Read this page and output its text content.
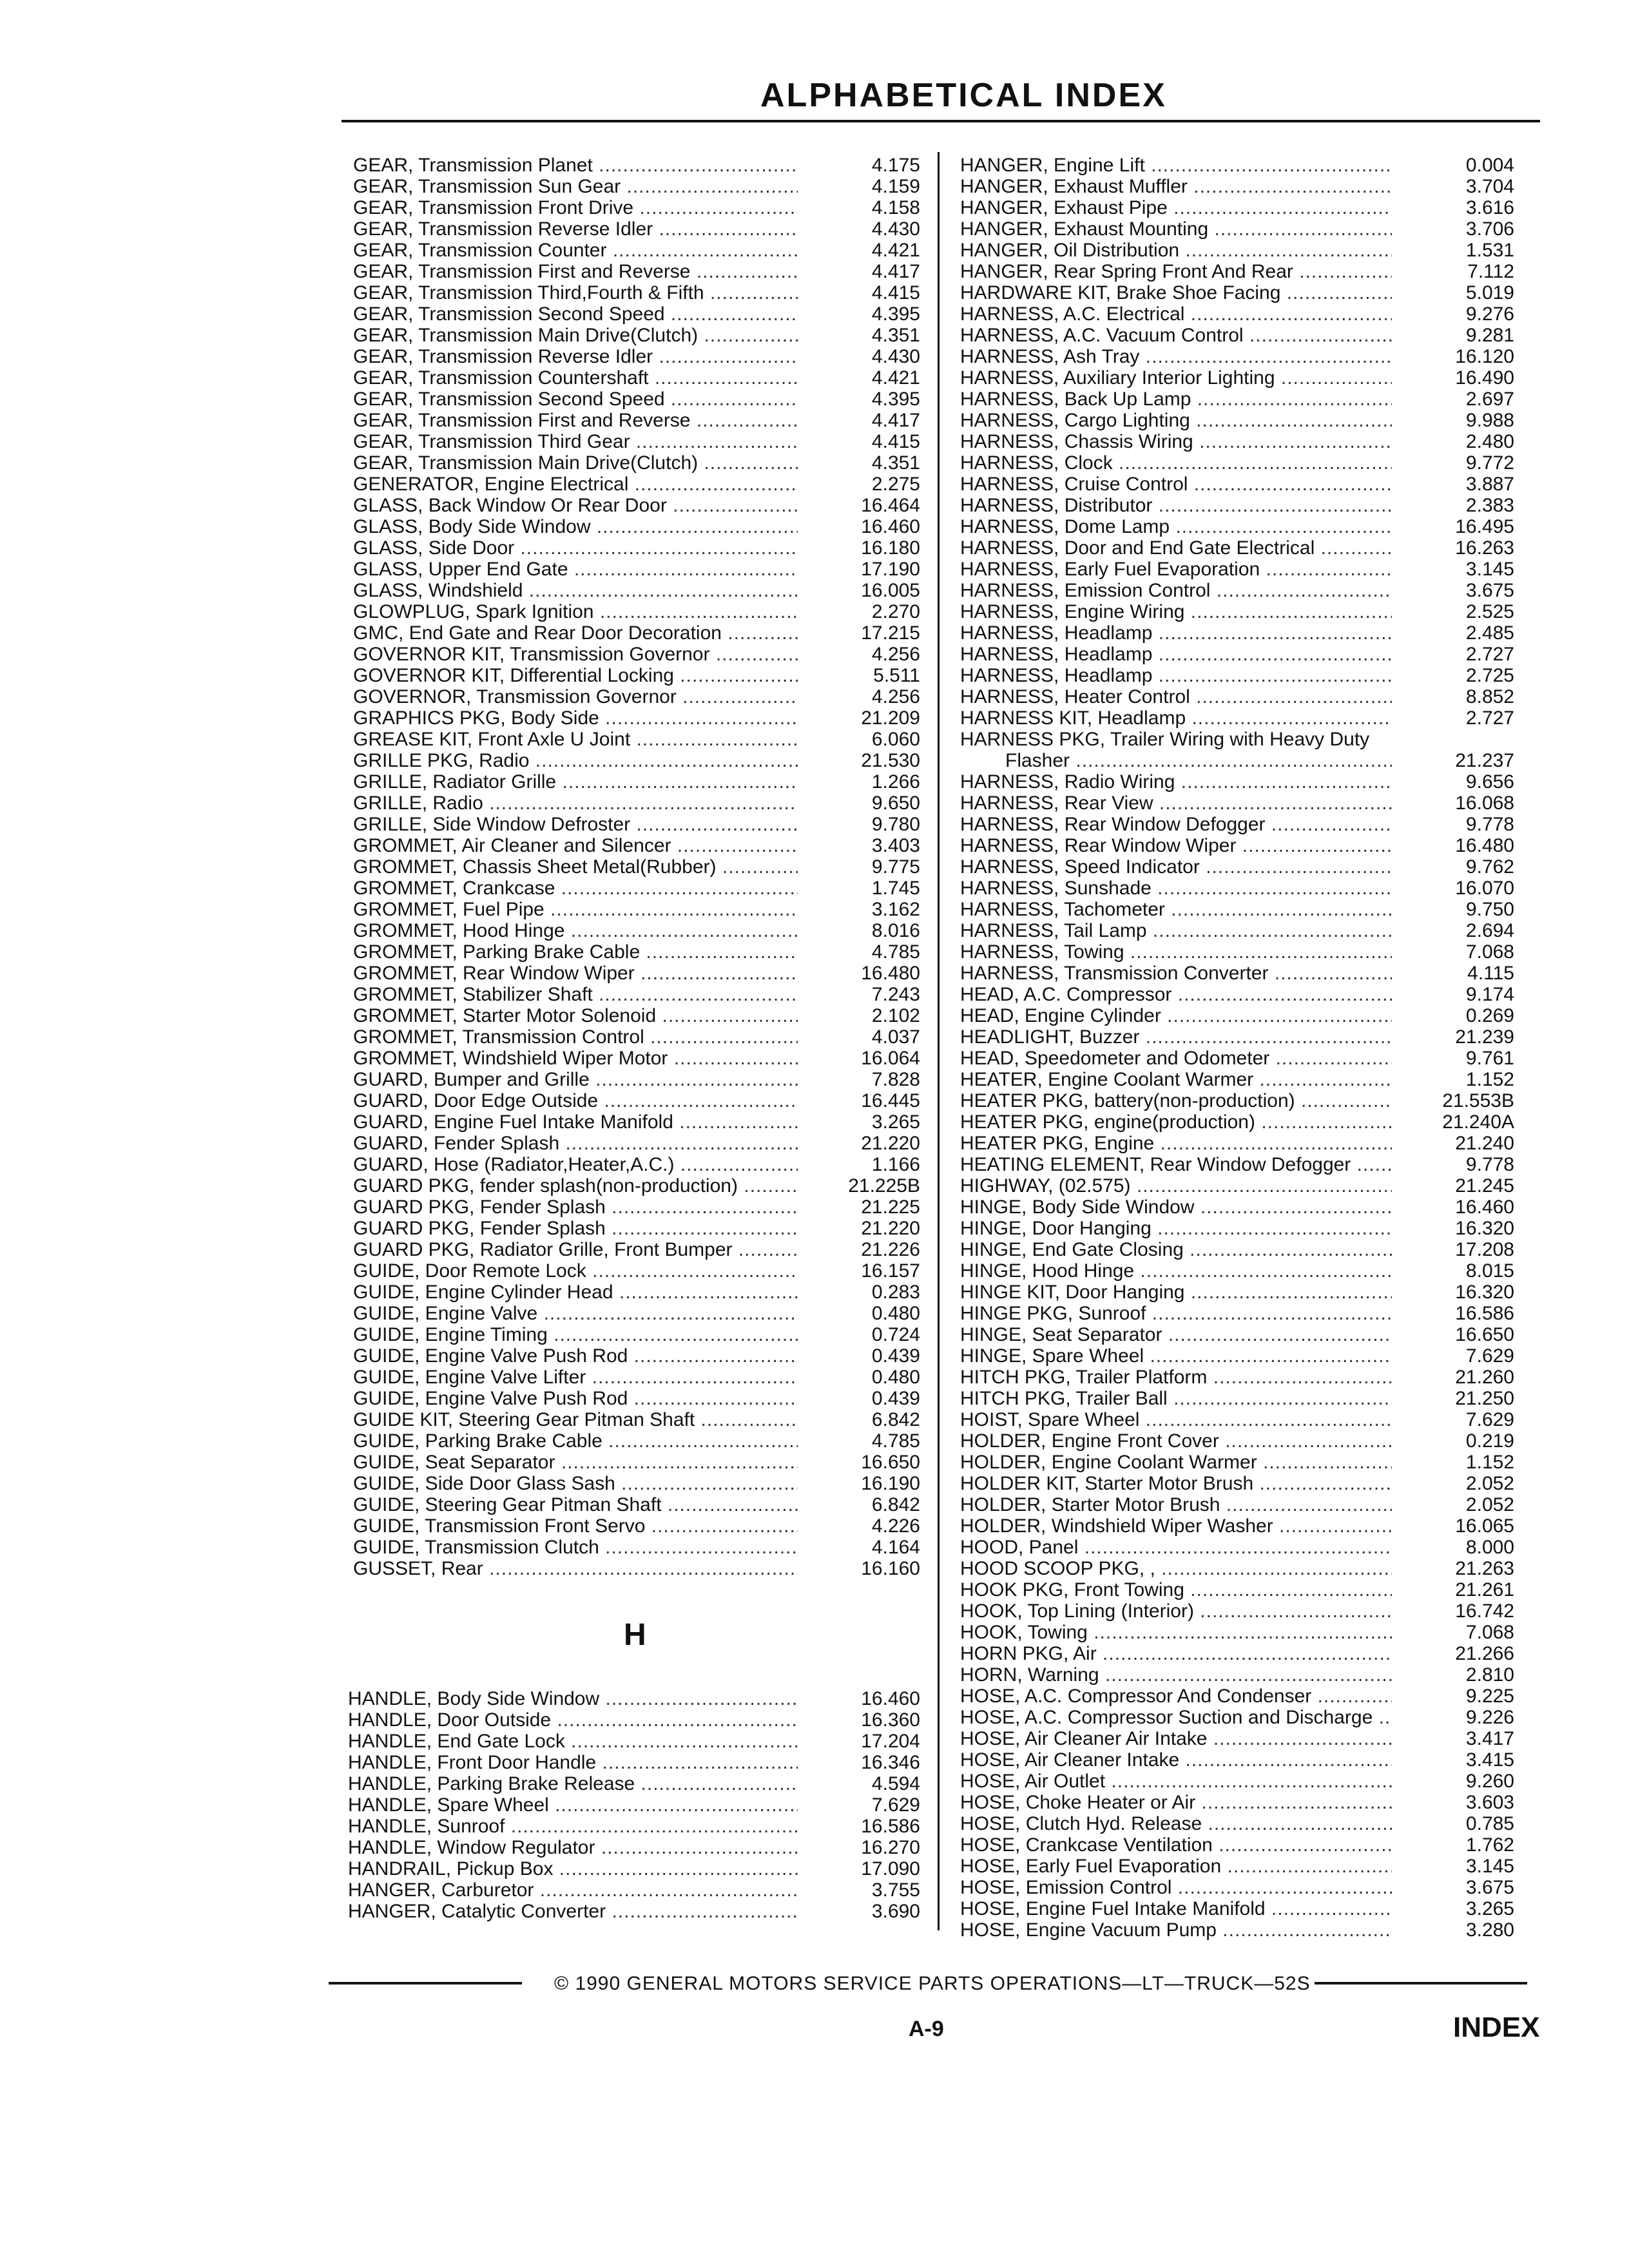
ALPHABETICAL INDEX
GEAR, Transmission Planet .....	4.175
GEAR, Transmission Sun Gear .....	4.159
GEAR, Transmission Front Drive .....	4.158
GEAR, Transmission Reverse Idler .....	4.430
GEAR, Transmission Counter .....	4.421
GEAR, Transmission First and Reverse .....	4.417
GEAR, Transmission Third,Fourth & Fifth .....	4.415
GEAR, Transmission Second Speed .....	4.395
GEAR, Transmission Main Drive(Clutch) .....	4.351
GEAR, Transmission Reverse Idler .....	4.430
GEAR, Transmission Countershaft .....	4.421
GEAR, Transmission Second Speed .....	4.395
GEAR, Transmission First and Reverse .....	4.417
GEAR, Transmission Third Gear .....	4.415
GEAR, Transmission Main Drive(Clutch) .....	4.351
GENERATOR, Engine Electrical .....	2.275
GLASS, Back Window Or Rear Door .....	16.464
GLASS, Body Side Window .....	16.460
GLASS, Side Door .....	16.180
GLASS, Upper End Gate .....	17.190
GLASS, Windshield .....	16.005
GLOWPLUG, Spark Ignition .....	2.270
GMC, End Gate and Rear Door Decoration .....	17.215
GOVERNOR KIT, Transmission Governor .....	4.256
GOVERNOR KIT, Differential Locking .....	5.511
GOVERNOR, Transmission Governor .....	4.256
GRAPHICS PKG, Body Side .....	21.209
GREASE KIT, Front Axle U Joint .....	6.060
GRILLE PKG, Radio .....	21.530
GRILLE, Radiator Grille .....	1.266
GRILLE, Radio .....	9.650
GRILLE, Side Window Defroster .....	9.780
GROMMET, Air Cleaner and Silencer .....	3.403
GROMMET, Chassis Sheet Metal(Rubber) .....	9.775
GROMMET, Crankcase .....	1.745
GROMMET, Fuel Pipe .....	3.162
GROMMET, Hood Hinge .....	8.016
GROMMET, Parking Brake Cable .....	4.785
GROMMET, Rear Window Wiper .....	16.480
GROMMET, Stabilizer Shaft .....	7.243
GROMMET, Starter Motor Solenoid .....	2.102
GROMMET, Transmission Control .....	4.037
GROMMET, Windshield Wiper Motor .....	16.064
GUARD, Bumper and Grille .....	7.828
GUARD, Door Edge Outside .....	16.445
GUARD, Engine Fuel Intake Manifold .....	3.265
GUARD, Fender Splash .....	21.220
GUARD, Hose (Radiator,Heater,A.C.) .....	1.166
GUARD PKG, fender splash(non-production) .....	21.225B
GUARD PKG, Fender Splash .....	21.225
GUARD PKG, Fender Splash .....	21.220
GUARD PKG, Radiator Grille, Front Bumper .....	21.226
GUIDE, Door Remote Lock .....	16.157
GUIDE, Engine Cylinder Head .....	0.283
GUIDE, Engine Valve .....	0.480
GUIDE, Engine Timing .....	0.724
GUIDE, Engine Valve Push Rod .....	0.439
GUIDE, Engine Valve Lifter .....	0.480
GUIDE, Engine Valve Push Rod .....	0.439
GUIDE KIT, Steering Gear Pitman Shaft .....	6.842
GUIDE, Parking Brake Cable .....	4.785
GUIDE, Seat Separator .....	16.650
GUIDE, Side Door Glass Sash .....	16.190
GUIDE, Steering Gear Pitman Shaft .....	6.842
GUIDE, Transmission Front Servo .....	4.226
GUIDE, Transmission Clutch .....	4.164
GUSSET, Rear .....	16.160
H
HANDLE, Body Side Window .....	16.460
HANDLE, Door Outside .....	16.360
HANDLE, End Gate Lock .....	17.204
HANDLE, Front Door Handle .....	16.346
HANDLE, Parking Brake Release .....	4.594
HANDLE, Spare Wheel .....	7.629
HANDLE, Sunroof .....	16.586
HANDLE, Window Regulator .....	16.270
HANDRAIL, Pickup Box .....	17.090
HANGER, Carburetor .....	3.755
HANGER, Catalytic Converter .....	3.690
HANGER, Engine Lift .....	0.004
HANGER, Exhaust Muffler .....	3.704
HANGER, Exhaust Pipe .....	3.616
HANGER, Exhaust Mounting .....	3.706
HANGER, Oil Distribution .....	1.531
HANGER, Rear Spring Front And Rear .....	7.112
HARDWARE KIT, Brake Shoe Facing .....	5.019
HARNESS, A.C. Electrical .....	9.276
HARNESS, A.C. Vacuum Control .....	9.281
HARNESS, Ash Tray .....	16.120
HARNESS, Auxiliary Interior Lighting .....	16.490
HARNESS, Back Up Lamp .....	2.697
HARNESS, Cargo Lighting .....	9.988
HARNESS, Chassis Wiring .....	2.480
HARNESS, Clock .....	9.772
HARNESS, Cruise Control .....	3.887
HARNESS, Distributor .....	2.383
HARNESS, Dome Lamp .....	16.495
HARNESS, Door and End Gate Electrical .....	16.263
HARNESS, Early Fuel Evaporation .....	3.145
HARNESS, Emission Control .....	3.675
HARNESS, Engine Wiring .....	2.525
HARNESS, Headlamp .....	2.485
HARNESS, Headlamp .....	2.727
HARNESS, Headlamp .....	2.725
HARNESS, Heater Control .....	8.852
HARNESS KIT, Headlamp .....	2.727
HARNESS PKG, Trailer Wiring with Heavy Duty
Flasher .....	21.237
HARNESS, Radio Wiring .....	9.656
HARNESS, Rear View .....	16.068
HARNESS, Rear Window Defogger .....	9.778
HARNESS, Rear Window Wiper .....	16.480
HARNESS, Speed Indicator .....	9.762
HARNESS, Sunshade .....	16.070
HARNESS, Tachometer .....	9.750
HARNESS, Tail Lamp .....	2.694
HARNESS, Towing .....	7.068
HARNESS, Transmission Converter .....	4.115
HEAD, A.C. Compressor .....	9.174
HEAD, Engine Cylinder .....	0.269
HEADLIGHT, Buzzer .....	21.239
HEAD, Speedometer and Odometer .....	9.761
HEATER, Engine Coolant Warmer .....	1.152
HEATER PKG, battery(non-production) .....	21.553B
HEATER PKG, engine(production) .....	21.240A
HEATER PKG, Engine .....	21.240
HEATING ELEMENT, Rear Window Defogger .....	9.778
HIGHWAY, (02.575) .....	21.245
HINGE, Body Side Window .....	16.460
HINGE, Door Hanging .....	16.320
HINGE, End Gate Closing .....	17.208
HINGE, Hood Hinge .....	8.015
HINGE KIT, Door Hanging .....	16.320
HINGE PKG, Sunroof .....	16.586
HINGE, Seat Separator .....	16.650
HINGE, Spare Wheel .....	7.629
HITCH PKG, Trailer Platform .....	21.260
HITCH PKG, Trailer Ball .....	21.250
HOIST, Spare Wheel .....	7.629
HOLDER, Engine Front Cover .....	0.219
HOLDER, Engine Coolant Warmer .....	1.152
HOLDER KIT, Starter Motor Brush .....	2.052
HOLDER, Starter Motor Brush .....	2.052
HOLDER, Windshield Wiper Washer .....	16.065
HOOD, Panel .....	8.000
HOOD SCOOP PKG, , .....	21.263
HOOK PKG, Front Towing .....	21.261
HOOK, Top Lining (Interior) .....	16.742
HOOK, Towing .....	7.068
HORN PKG, Air .....	21.266
HORN, Warning .....	2.810
HOSE, A.C. Compressor And Condenser .....	9.225
HOSE, A.C. Compressor Suction and Discharge .....	9.226
HOSE, Air Cleaner Air Intake .....	3.417
HOSE, Air Cleaner Intake .....	3.415
HOSE, Air Outlet .....	9.260
HOSE, Choke Heater or Air .....	3.603
HOSE, Clutch Hyd. Release .....	0.785
HOSE, Crankcase Ventilation .....	1.762
HOSE, Early Fuel Evaporation .....	3.145
HOSE, Emission Control .....	3.675
HOSE, Engine Fuel Intake Manifold .....	3.265
HOSE, Engine Vacuum Pump .....	3.280
© 1990 GENERAL MOTORS SERVICE PARTS OPERATIONS—LT—TRUCK—52S
A-9	INDEX
